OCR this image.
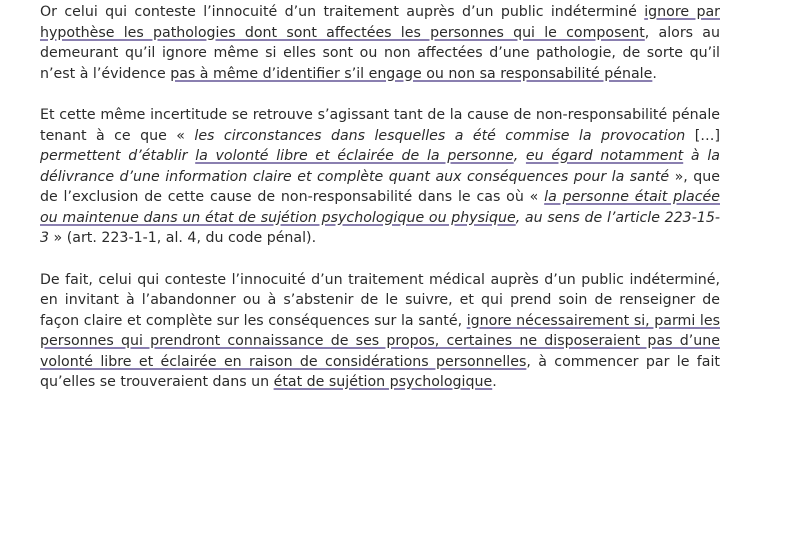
Or celui qui conteste l’innocuité d’un traitement auprès d’un public indéterminé ignore par hypothèse les pathologies dont sont affectées les personnes qui le composent, alors au demeurant qu’il ignore même si elles sont ou non affectées d’une pathologie, de sorte qu’il n’est à l’évidence pas à même d’identifier s’il engage ou non sa responsabilité pénale.

Et cette même incertitude se retrouve s’agissant tant de la cause de non-responsabilité pénale tenant à ce que « les circonstances dans lesquelles a été commise la provocation […] permettent d’établir la volonté libre et éclairée de la personne, eu égard notamment à la délivrance d’une information claire et complète quant aux conséquences pour la santé », que de l’exclusion de cette cause de non-responsabilité dans le cas où « la personne était placée ou maintenue dans un état de sujétion psychologique ou physique, au sens de l’article 223-15-3 » (art. 223-1-1, al. 4, du code pénal).

De fait, celui qui conteste l’innocuité d’un traitement médical auprès d’un public indéterminé, en invitant à l’abandonner ou à s’abstenir de le suivre, et qui prend soin de renseigner de façon claire et complète sur les conséquences sur la santé, ignore nécessairement si, parmi les personnes qui prendront connaissance de ses propos, certaines ne disposeraient pas d’une volonté libre et éclairée en raison de considérations personnelles, à commencer par le fait qu’elles se trouveraient dans un état de sujétion psychologique.
